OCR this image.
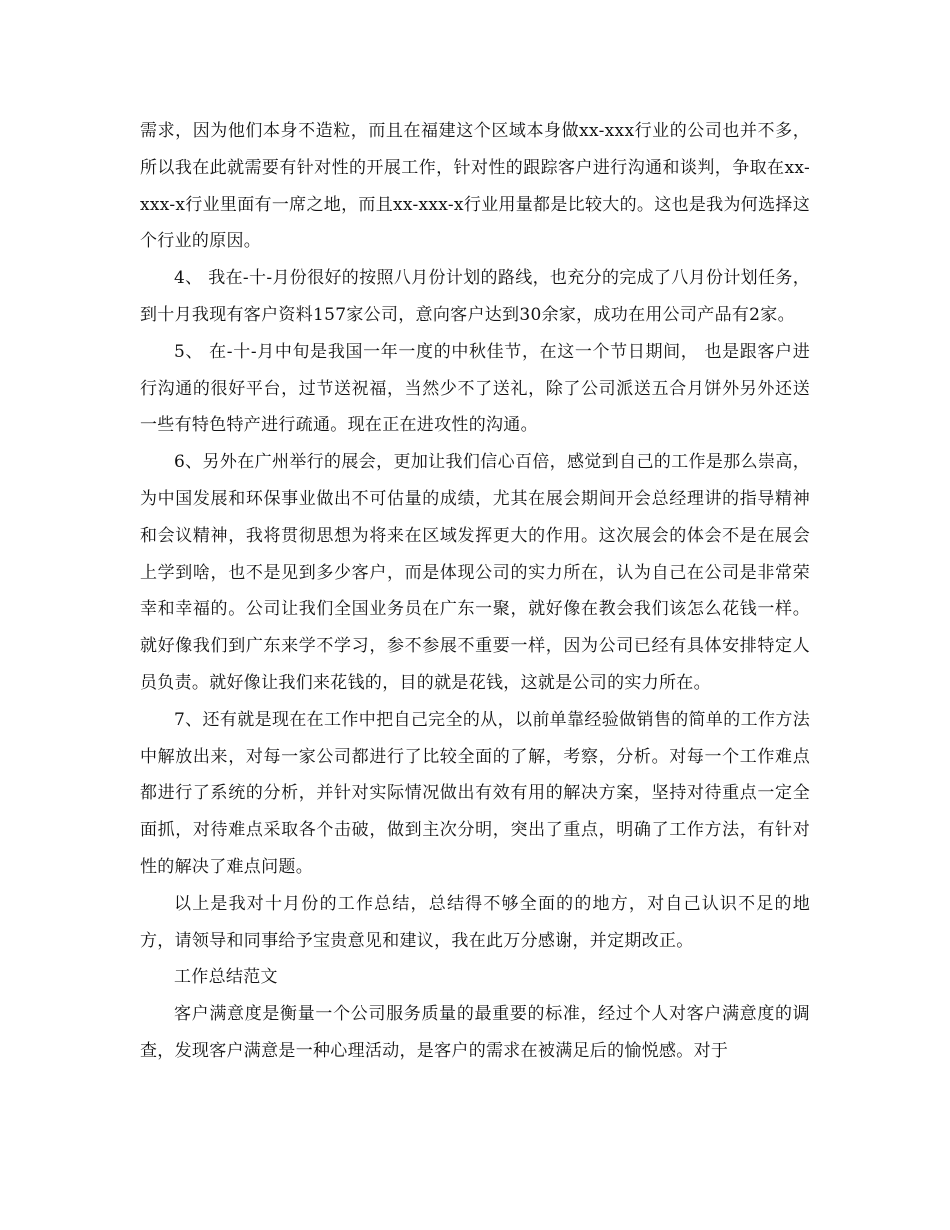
需求，因为他们本身不造粒，而且在福建这个区域本身做xx-xxx行业的公司也并不多，所以我在此就需要有针对性的开展工作，针对性的跟踪客户进行沟通和谈判，争取在xx-xxx-x行业里面有一席之地，而且xx-xxx-x行业用量都是比较大的。这也是我为何选择这个行业的原因。

4、 我在-十-月份很好的按照八月份计划的路线，也充分的完成了八月份计划任务，到十月我现有客户资料157家公司，意向客户达到30余家，成功在用公司产品有2家。

5、 在-十-月中旬是我国一年一度的中秋佳节，在这一个节日期间， 也是跟客户进行沟通的很好平台，过节送祝福，当然少不了送礼，除了公司派送五合月饼外另外还送一些有特色特产进行疏通。现在正在进攻性的沟通。

6、另外在广州举行的展会，更加让我们信心百倍，感觉到自己的工作是那么崇高，为中国发展和环保事业做出不可估量的成绩，尤其在展会期间开会总经理讲的指导精神和会议精神，我将贯彻思想为将来在区域发挥更大的作用。这次展会的体会不是在展会上学到啥，也不是见到多少客户，而是体现公司的实力所在，认为自己在公司是非常荣幸和幸福的。公司让我们全国业务员在广东一聚，就好像在教会我们该怎么花钱一样。就好像我们到广东来学不学习，参不参展不重要一样，因为公司已经有具体安排特定人员负责。就好像让我们来花钱的，目的就是花钱，这就是公司的实力所在。

7、还有就是现在在工作中把自己完全的从，以前单靠经验做销售的简单的工作方法中解放出来，对每一家公司都进行了比较全面的了解，考察，分析。对每一个工作难点都进行了系统的分析，并针对实际情况做出有效有用的解决方案，坚持对待重点一定全面抓，对待难点采取各个击破，做到主次分明，突出了重点，明确了工作方法，有针对性的解决了难点问题。

以上是我对十月份的工作总结，总结得不够全面的的地方，对自己认识不足的地方，请领导和同事给予宝贵意见和建议，我在此万分感谢，并定期改正。

工作总结范文

客户满意度是衡量一个公司服务质量的最重要的标准，经过个人对客户满意度的调查，发现客户满意是一种心理活动，是客户的需求在被满足后的愉悦感。对于
